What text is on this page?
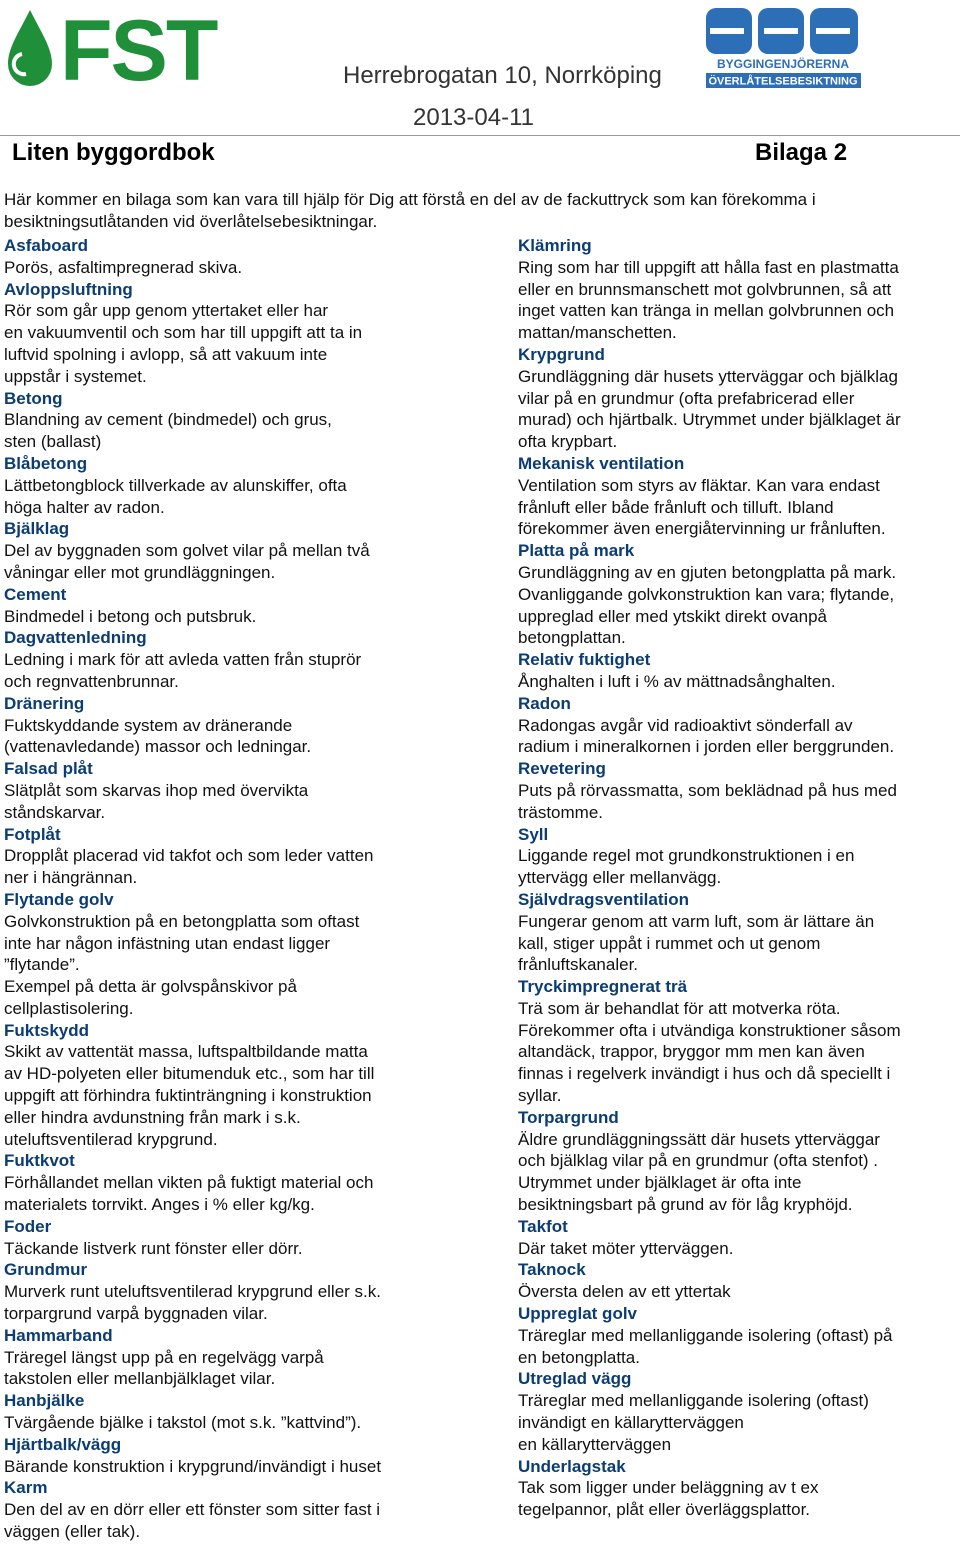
FST	BYGGINGENJÖRERNA
ÖVERLÅTELSEBESIKTNING
Herrebrogatan 10, Norrköping
2013-04-11
Liten byggordbok	Bilaga 2
Här kommer en bilaga som kan vara till hjälp för Dig att förstå en del av de fackuttryck som kan förekomma i besiktningsutlåtanden vid överlåtelsebesiktningar.
Asfaboard
Porös, asfaltimpregnerad skiva.
Avloppsluftning
Rör som går upp genom yttertaket eller har
en vakuumventil och som har till uppgift att ta in
luftvid spolning i avlopp, så att vakuum inte
uppstår i systemet.
Betong
Blandning av cement (bindmedel) och grus,
sten (ballast)
Blåbetong
Lättbetongblock tillverkade av alunskiffer, ofta
höga halter av radon.
Bjälklag
Del av byggnaden som golvet vilar på mellan två
våningar eller mot grundläggningen.
Cement
Bindmedel i betong och putsbruk.
Dagvattenledning
Ledning i mark för att avleda vatten från stuprör
och regnvattenbrunnar.
Dränering
Fuktskyddande system av dränerande
(vattenavledande) massor och ledningar.
Falsad plåt
Slätplåt som skarvas ihop med övervikta
ståndskarvar.
Fotplåt
Dropplåt placerad vid takfot och som leder vatten
ner i hängrännan.
Flytande golv
Golvkonstruktion på en betongplatta som oftast
inte har någon infästning utan endast ligger
”flytande”.
Exempel på detta är golvspånskivor på
cellplastisolering.
Fuktskydd
Skikt av vattentät massa, luftspaltbildande matta
av HD-polyeten eller bitumenduk etc., som har till
uppgift att förhindra fuktinträngning i konstruktion
eller hindra avdunstning från mark i s.k.
uteluftsventilerad krypgrund.
Fuktkvot
Förhållandet mellan vikten på fuktigt material och
materialets torrvikt. Anges i % eller kg/kg.
Foder
Täckande listverk runt fönster eller dörr.
Grundmur
Murverk runt uteluftsventilerad krypgrund eller s.k.
torpargrund varpå byggnaden vilar.
Hammarband
Träregel längst upp på en regelvägg varpå
takstolen eller mellanbjälklaget vilar.
Hanbjälke
Tvärgående bjälke i takstol (mot s.k. ”kattvind”).
Hjärtbalk/vägg
Bärande konstruktion i krypgrund/invändigt i huset
Karm
Den del av en dörr eller ett fönster som sitter fast i
väggen (eller tak).
Klämring
Ring som har till uppgift att hålla fast en plastmatta
eller en brunnsmanschett mot golvbrunnen, så att
inget vatten kan tränga in mellan golvbrunnen och
mattan/manschetten.
Krypgrund
Grundläggning där husets ytterväggar och bjälklag
vilar på en grundmur (ofta prefabricerad eller
murad) och hjärtbalk. Utrymmet under bjälklaget är
ofta krypbart.
Mekanisk ventilation
Ventilation som styrs av fläktar. Kan vara endast
frånluft eller både frånluft och tilluft. Ibland
förekommer även energiåtervinning ur frånluften.
Platta på mark
Grundläggning av en gjuten betongplatta på mark.
Ovanliggande golvkonstruktion kan vara; flytande,
uppreglad eller med ytskikt direkt ovanpå
betongplattan.
Relativ fuktighet
Ånghalten i luft i % av mättnadsånghalten.
Radon
Radongas avgår vid radioaktivt sönderfall av
radium i mineralkornen i jorden eller berggrunden.
Revetering
Puts på rörvassmatta, som beklädnad på hus med
trästomme.
Syll
Liggande regel mot grundkonstruktionen i en
yttervägg eller mellanvägg.
Självdragsventilation
Fungerar genom att varm luft, som är lättare än
kall, stiger uppåt i rummet och ut genom
frånluftskanaler.
Tryckimpregnerat trä
Trä som är behandlat för att motverka röta.
Förekommer ofta i utvändiga konstruktioner såsom
altandäck, trappor, bryggor mm men kan även
finnas i regelverk invändigt i hus och då speciellt i
syllar.
Torpargrund
Äldre grundläggningssätt där husets ytterväggar
och bjälklag vilar på en grundmur (ofta stenfot) .
Utrymmet under bjälklaget är ofta inte
besiktningsbart på grund av för låg kryphöjd.
Takfot
Där taket möter ytterväggen.
Taknock
Översta delen av ett yttertak
Uppreglat golv
Träreglar med mellanliggande isolering (oftast) på
en betongplatta.
Utreglad vägg
Träreglar med mellanliggande isolering (oftast)
invändigt en källarytterväggen
en källarytterväggen
Underlagstak
Tak som ligger under beläggning av t ex
tegelpannor, plåt eller överläggsplattor.
